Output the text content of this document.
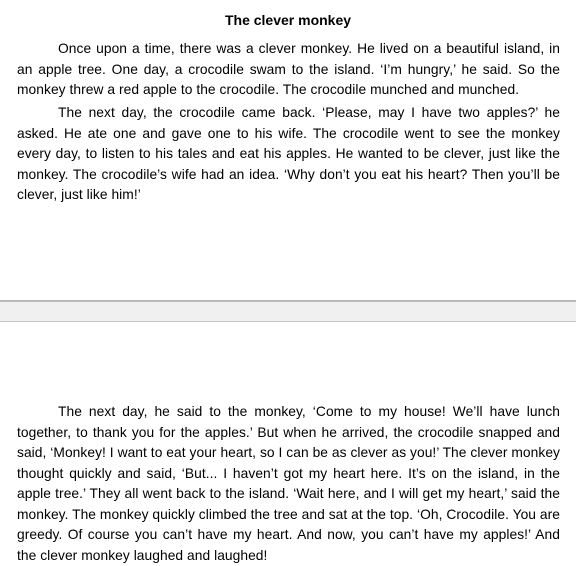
The clever monkey

Once upon a time, there was a clever monkey. He lived on a beautiful island, in an apple tree. One day, a crocodile swam to the island. ‘I’m hungry,’ he said. So the monkey threw a red apple to the crocodile. The crocodile munched and munched.

The next day, the crocodile came back. ‘Please, may I have two apples?’ he asked. He ate one and gave one to his wife. The crocodile went to see the monkey every day, to listen to his tales and eat his apples. He wanted to be clever, just like the monkey. The crocodile’s wife had an idea. ‘Why don’t you eat his heart? Then you’ll be clever, just like him!’

The next day, he said to the monkey, ‘Come to my house! We’ll have lunch together, to thank you for the apples.’ But when he arrived, the crocodile snapped and said, ‘Monkey! I want to eat your heart, so I can be as clever as you!’ The clever monkey thought quickly and said, ‘But... I haven’t got my heart here. It’s on the island, in the apple tree.’ They all went back to the island. ‘Wait here, and I will get my heart,’ said the monkey. The monkey quickly climbed the tree and sat at the top. ‘Oh, Crocodile. You are greedy. Of course you can’t have my heart. And now, you can’t have my apples!’ And the clever monkey laughed and laughed!
